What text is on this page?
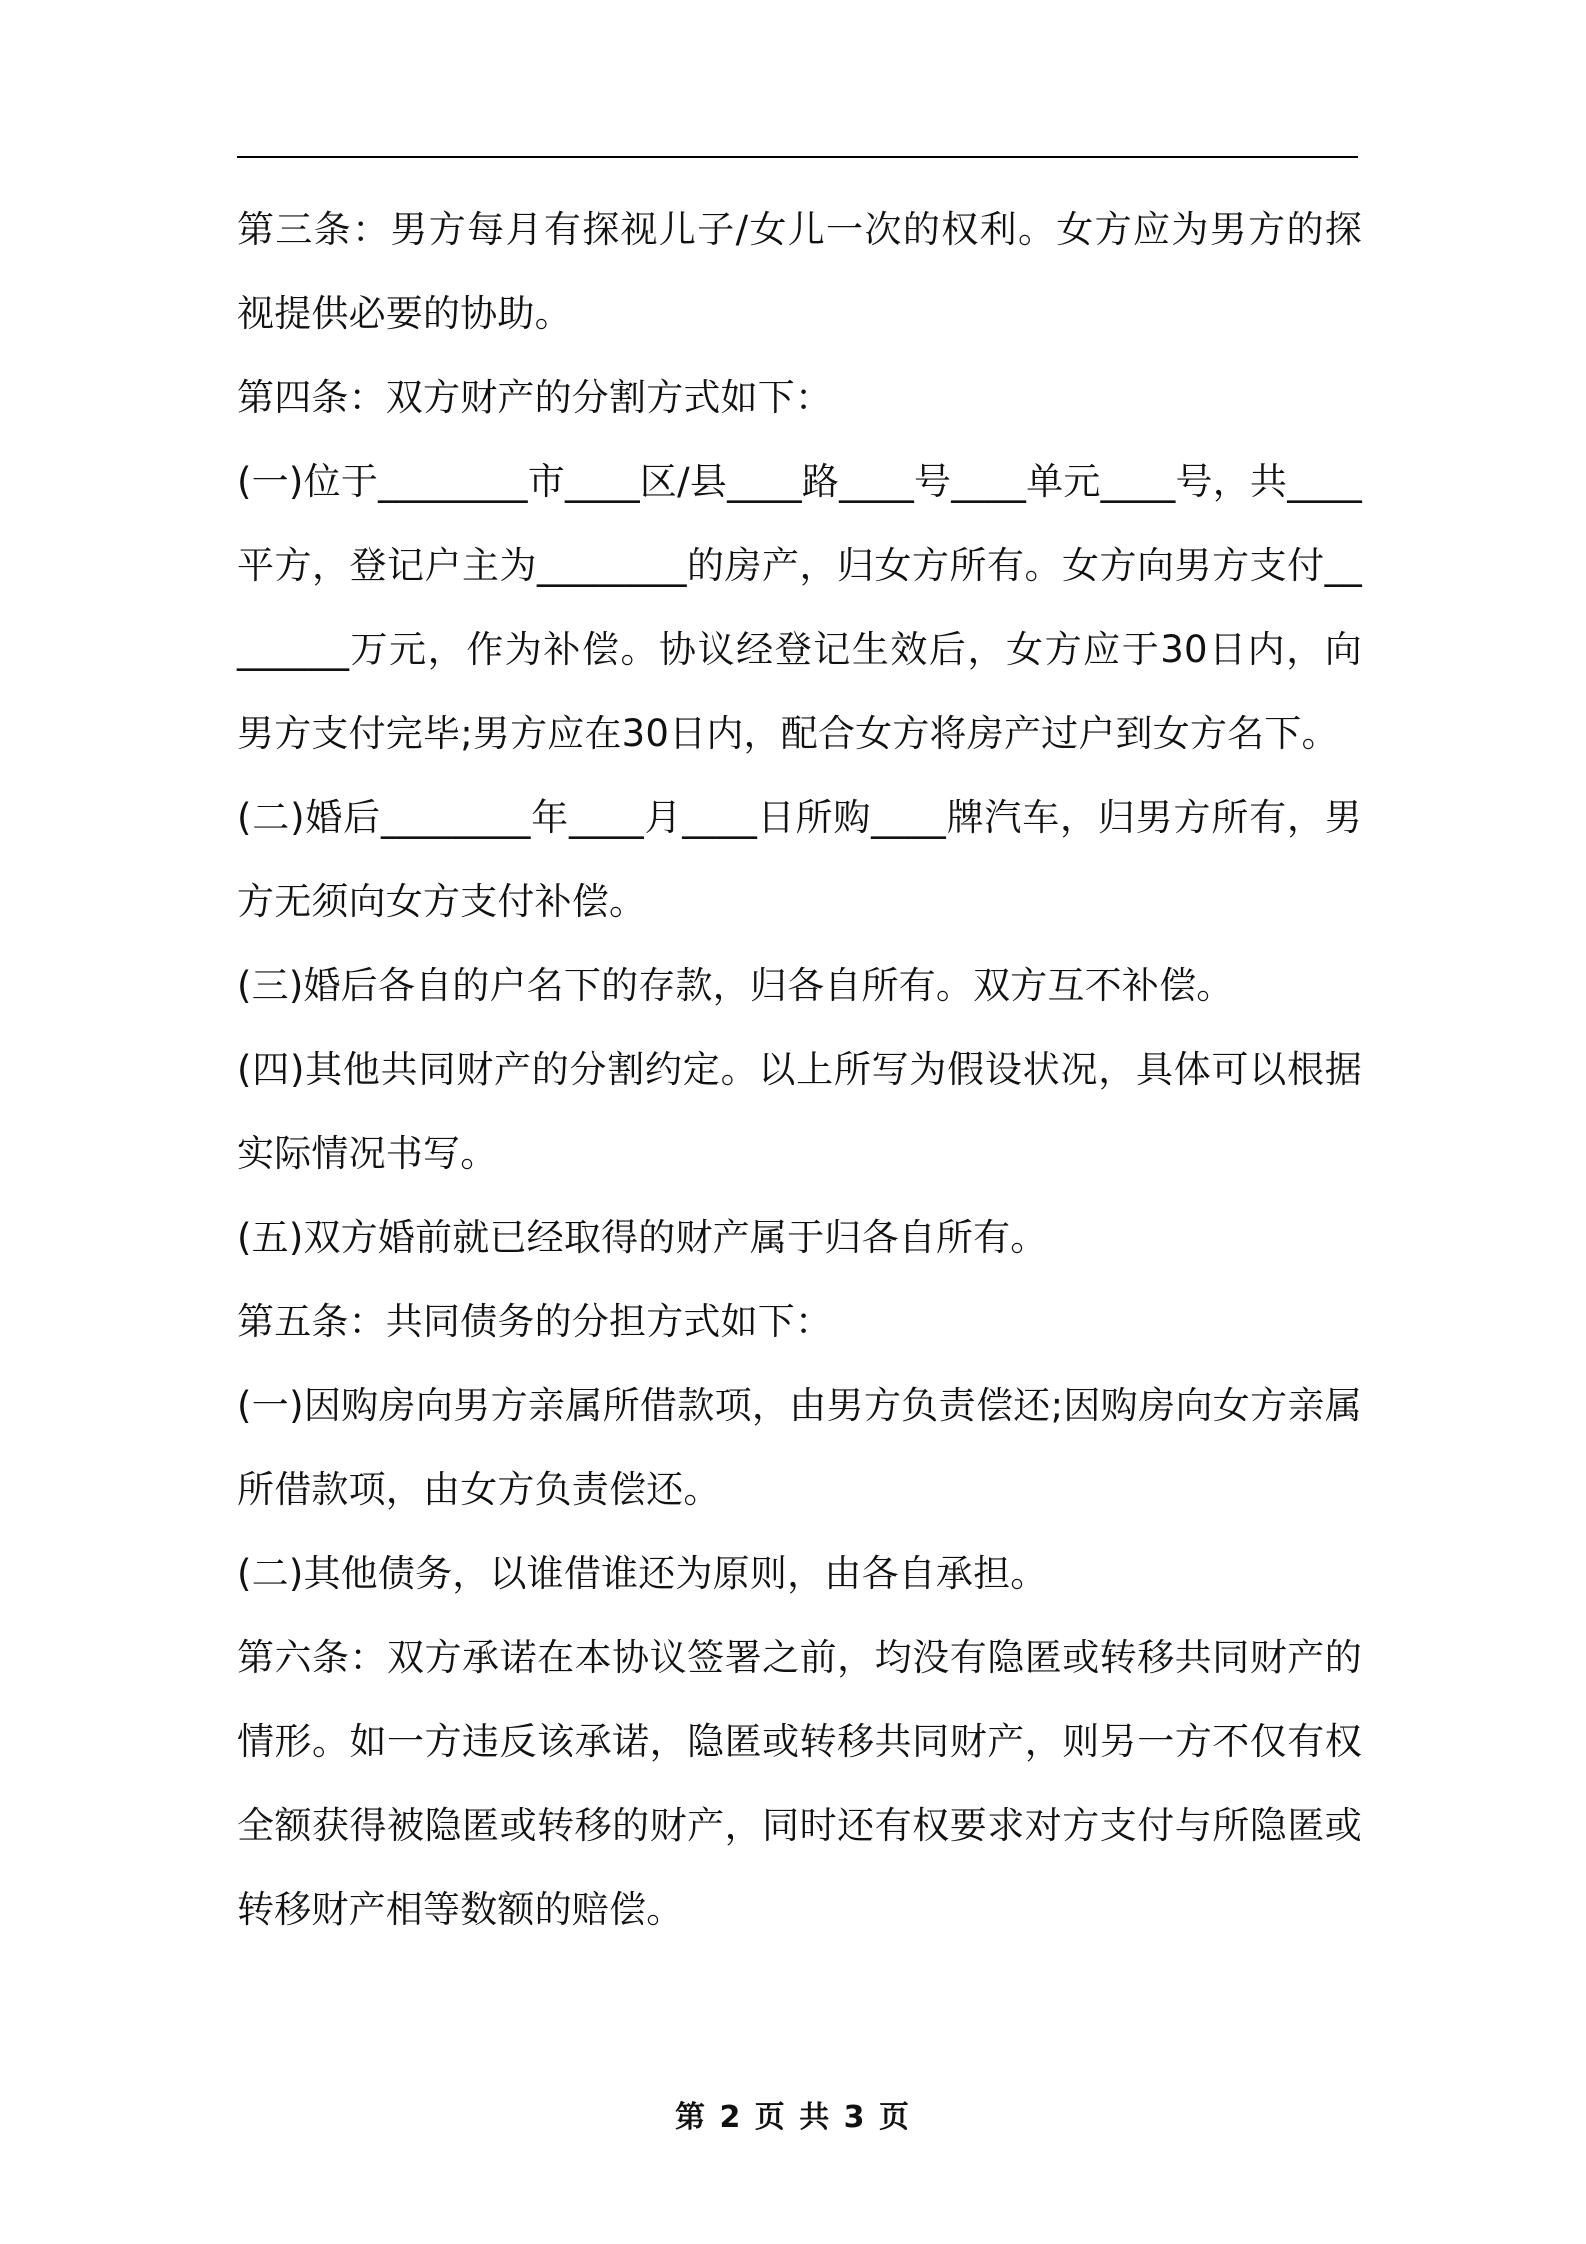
第三条：男方每月有探视儿子/女儿一次的权利。女方应为男方的探视提供必要的协助。

第四条：双方财产的分割方式如下：

(一)位于________市____区/县____路____号____单元____号，共____平方，登记户主为________的房产，归女方所有。女方向男方支付________万元，作为补偿。协议经登记生效后，女方应于30日内，向男方支付完毕;男方应在30日内，配合女方将房产过户到女方名下。

(二)婚后________年____月____日所购____牌汽车，归男方所有，男方无须向女方支付补偿。

(三)婚后各自的户名下的存款，归各自所有。双方互不补偿。

(四)其他共同财产的分割约定。以上所写为假设状况，具体可以根据实际情况书写。

(五)双方婚前就已经取得的财产属于归各自所有。

第五条：共同债务的分担方式如下：

(一)因购房向男方亲属所借款项，由男方负责偿还;因购房向女方亲属所借款项，由女方负责偿还。

(二)其他债务，以谁借谁还为原则，由各自承担。

第六条：双方承诺在本协议签署之前，均没有隐匿或转移共同财产的情形。如一方违反该承诺，隐匿或转移共同财产，则另一方不仅有权全额获得被隐匿或转移的财产，同时还有权要求对方支付与所隐匿或转移财产相等数额的赔偿。

第 2 页 共 3 页
